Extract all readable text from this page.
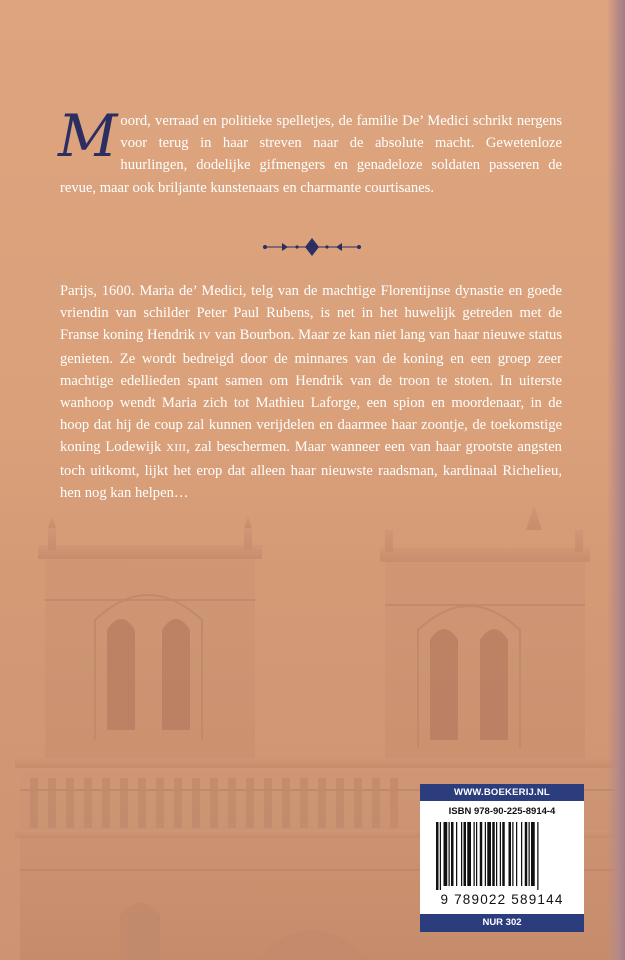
Moord, verraad en politieke spelletjes, de familie De’ Medici schrikt nergens voor terug in haar streven naar de absolute macht. Gewetenloze huurlingen, dodelijke gifmengers en genadeloze soldaten passeren de revue, maar ook briljante kunstenaars en charmante courtisanes.
Parijs, 1600. Maria de’ Medici, telg van de machtige Florentijnse dynastie en goede vriendin van schilder Peter Paul Rubens, is net in het huwelijk getreden met de Franse koning Hendrik IV van Bourbon. Maar ze kan niet lang van haar nieuwe status genieten. Ze wordt bedreigd door de minnares van de koning en een groep zeer machtige edellieden spant samen om Hendrik van de troon te stoten. In uiterste wanhoop wendt Maria zich tot Mathieu Laforge, een spion en moordenaar, in de hoop dat hij de coup zal kunnen verijdelen en daarmee haar zoontje, de toekomstige koning Lodewijk XIII, zal beschermen. Maar wanneer een van haar grootste angsten toch uitkomt, lijkt het erop dat alleen haar nieuwste raadsman, kardinaal Richelieu, hen nog kan helpen…
WWW.BOEKERIJ.NL
ISBN 978-90-225-8914-4
9 789022 589144
NUR 302
